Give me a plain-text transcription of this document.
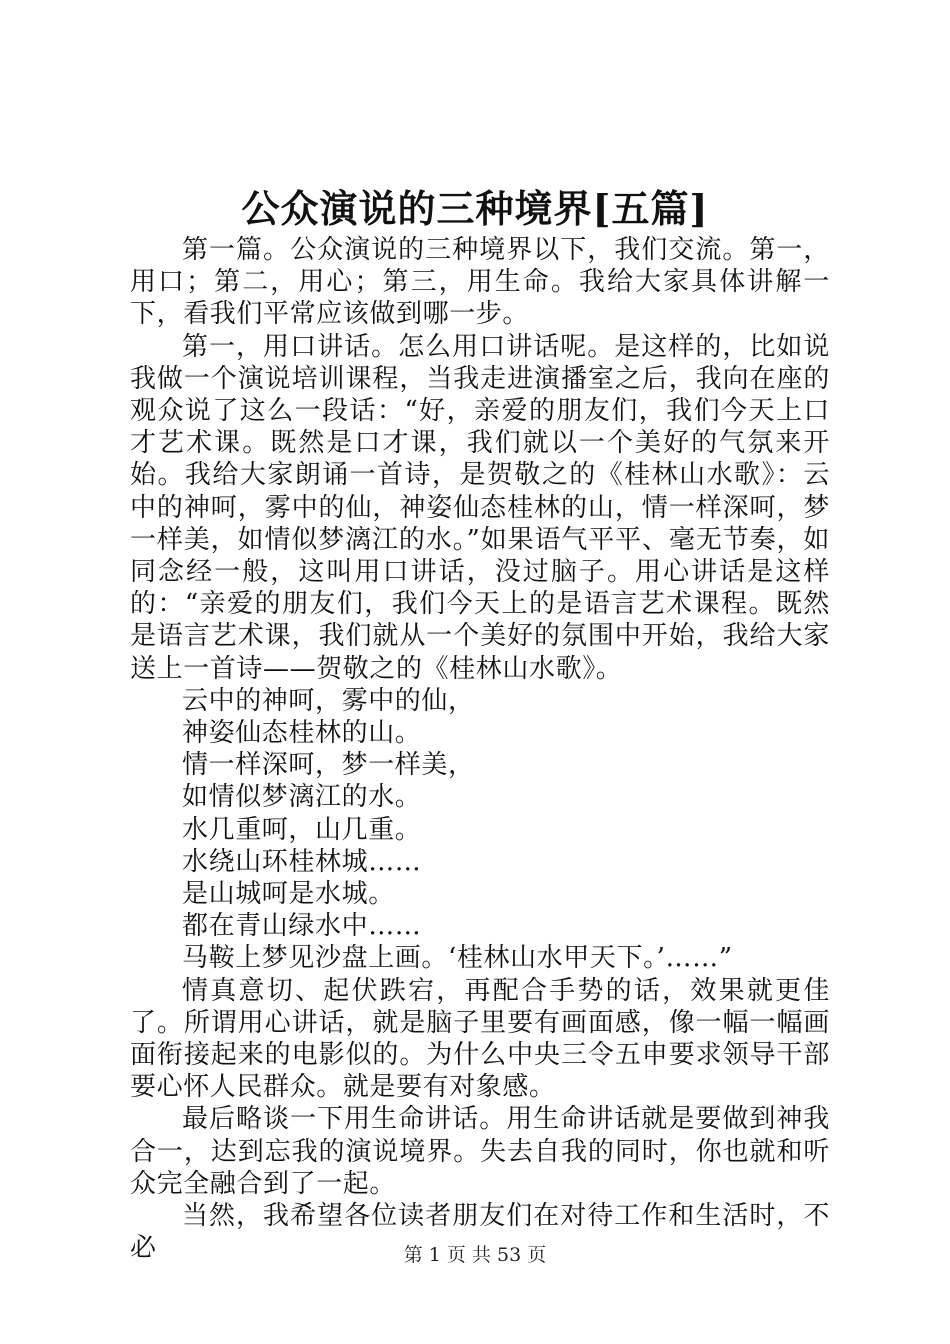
公众演说的三种境界[五篇]

第一篇。公众演说的三种境界以下，我们交流。第一，用口；第二，用心；第三，用生命。我给大家具体讲解一下，看我们平常应该做到哪一步。

第一，用口讲话。怎么用口讲话呢。是这样的，比如说我做一个演说培训课程，当我走进演播室之后，我向在座的观众说了这么一段话：“好，亲爱的朋友们，我们今天上口才艺术课。既然是口才课，我们就以一个美好的气氛来开始。我给大家朗诵一首诗，是贺敬之的《桂林山水歌》：云中的神呵，雾中的仙，神姿仙态桂林的山，情一样深呵，梦一样美，如情似梦漓江的水。”如果语气平平、毫无节奏，如同念经一般，这叫用口讲话，没过脑子。用心讲话是这样的：“亲爱的朋友们，我们今天上的是语言艺术课程。既然是语言艺术课，我们就从一个美好的氛围中开始，我给大家送上一首诗——贺敬之的《桂林山水歌》。

云中的神呵，雾中的仙，

神姿仙态桂林的山。

情一样深呵，梦一样美，

如情似梦漓江的水。

水几重呵，山几重。

水绕山环桂林城……

是山城呵是水城。

都在青山绿水中……

马鞍上梦见沙盘上画。‘桂林山水甲天下。’……”

情真意切、起伏跌宕，再配合手势的话，效果就更佳了。所谓用心讲话，就是脑子里要有画面感，像一幅一幅画面衔接起来的电影似的。为什么中央三令五申要求领导干部要心怀人民群众。就是要有对象感。

最后略谈一下用生命讲话。用生命讲话就是要做到神我合一，达到忘我的演说境界。失去自我的同时，你也就和听众完全融合到了一起。

当然，我希望各位读者朋友们在对待工作和生活时，不必	第 1 页 共 53 页
